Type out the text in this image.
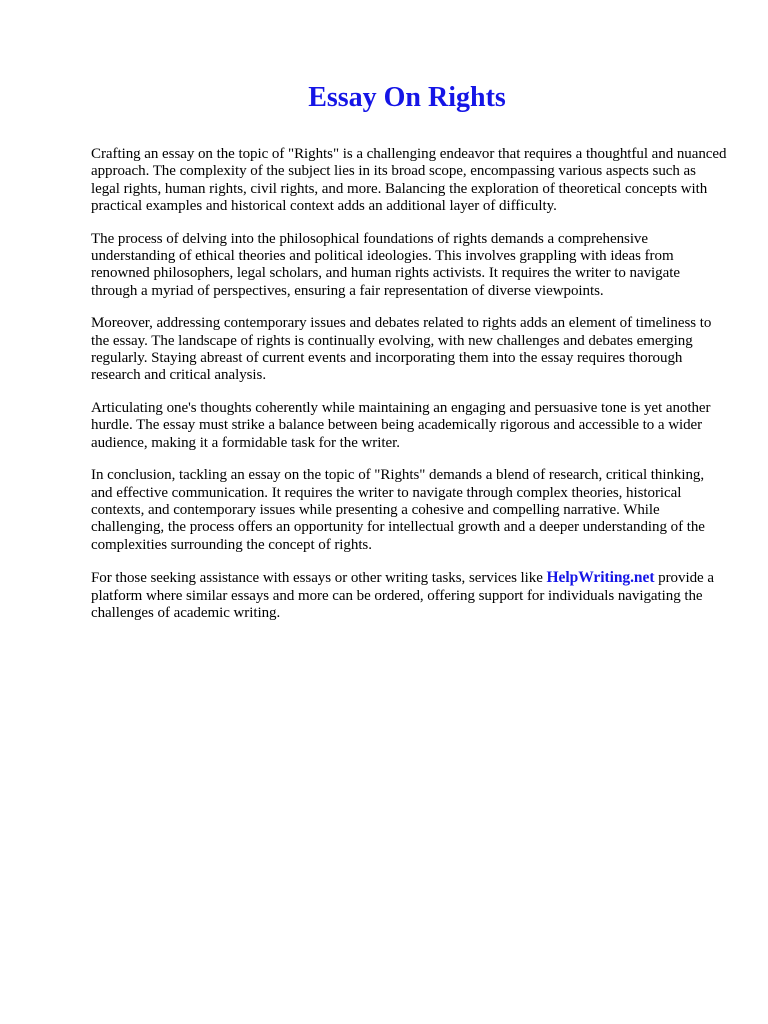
Essay On Rights

Crafting an essay on the topic of "Rights" is a challenging endeavor that requires a thoughtful and nuanced approach. The complexity of the subject lies in its broad scope, encompassing various aspects such as legal rights, human rights, civil rights, and more. Balancing the exploration of theoretical concepts with practical examples and historical context adds an additional layer of difficulty.

The process of delving into the philosophical foundations of rights demands a comprehensive understanding of ethical theories and political ideologies. This involves grappling with ideas from renowned philosophers, legal scholars, and human rights activists. It requires the writer to navigate through a myriad of perspectives, ensuring a fair representation of diverse viewpoints.

Moreover, addressing contemporary issues and debates related to rights adds an element of timeliness to the essay. The landscape of rights is continually evolving, with new challenges and debates emerging regularly. Staying abreast of current events and incorporating them into the essay requires thorough research and critical analysis.

Articulating one's thoughts coherently while maintaining an engaging and persuasive tone is yet another hurdle. The essay must strike a balance between being academically rigorous and accessible to a wider audience, making it a formidable task for the writer.

In conclusion, tackling an essay on the topic of "Rights" demands a blend of research, critical thinking, and effective communication. It requires the writer to navigate through complex theories, historical contexts, and contemporary issues while presenting a cohesive and compelling narrative. While challenging, the process offers an opportunity for intellectual growth and a deeper understanding of the complexities surrounding the concept of rights.

For those seeking assistance with essays or other writing tasks, services like HelpWriting.net provide a platform where similar essays and more can be ordered, offering support for individuals navigating the challenges of academic writing.
